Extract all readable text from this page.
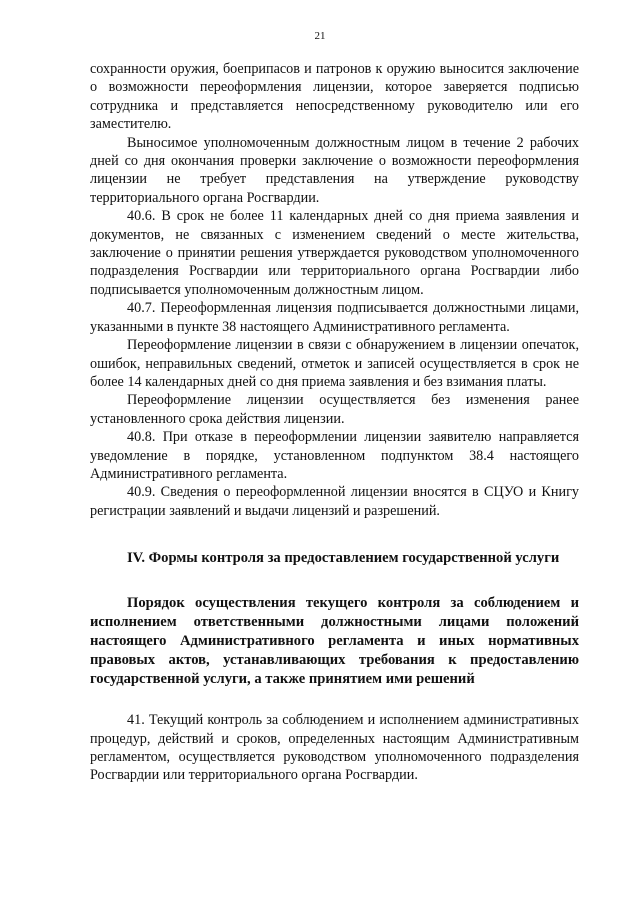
21

сохранности оружия, боеприпасов и патронов к оружию выносится заключение о возможности переоформления лицензии, которое заверяется подписью сотрудника и представляется непосредственному руководителю или его заместителю.

Выносимое уполномоченным должностным лицом в течение 2 рабочих дней со дня окончания проверки заключение о возможности переоформления лицензии не требует представления на утверждение руководству территориального органа Росгвардии.

40.6. В срок не более 11 календарных дней со дня приема заявления и документов, не связанных с изменением сведений о месте жительства, заключение о принятии решения утверждается руководством уполномоченного подразделения Росгвардии или территориального органа Росгвардии либо подписывается уполномоченным должностным лицом.

40.7. Переоформленная лицензия подписывается должностными лицами, указанными в пункте 38 настоящего Административного регламента.

Переоформление лицензии в связи с обнаружением в лицензии опечаток, ошибок, неправильных сведений, отметок и записей осуществляется в срок не более 14 календарных дней со дня приема заявления и без взимания платы.

Переоформление лицензии осуществляется без изменения ранее установленного срока действия лицензии.

40.8. При отказе в переоформлении лицензии заявителю направляется уведомление в порядке, установленном подпунктом 38.4 настоящего Административного регламента.

40.9. Сведения о переоформленной лицензии вносятся в СЦУО и Книгу регистрации заявлений и выдачи лицензий и разрешений.

IV. Формы контроля за предоставлением государственной услуги

Порядок осуществления текущего контроля за соблюдением и исполнением ответственными должностными лицами положений настоящего Административного регламента и иных нормативных правовых актов, устанавливающих требования к предоставлению государственной услуги, а также принятием ими решений

41. Текущий контроль за соблюдением и исполнением административных процедур, действий и сроков, определенных настоящим Административным регламентом, осуществляется руководством уполномоченного подразделения Росгвардии или территориального органа Росгвардии.
